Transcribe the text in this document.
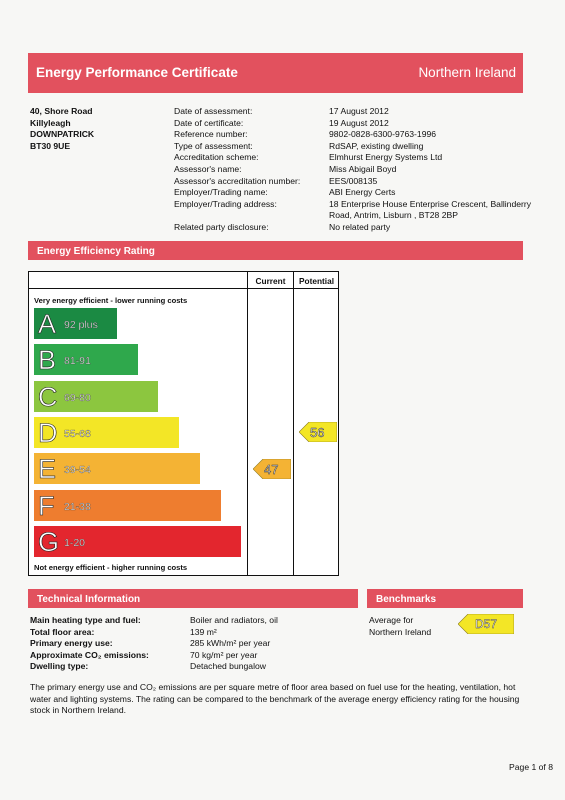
Energy Performance Certificate	Northern Ireland
40, Shore Road
Killyleagh
DOWNPATRICK
BT30 9UE
Date of assessment:	17 August 2012
Date of certificate:	19 August 2012
Reference number:	9802-0828-6300-9763-1996
Type of assessment:	RdSAP, existing dwelling
Accreditation scheme:	Elmhurst Energy Systems Ltd
Assessor's name:	Miss Abigail Boyd
Assessor's accreditation number:	EES/008135
Employer/Trading name:	ABI Energy Certs
Employer/Trading address:	18 Enterprise House Enterprise Crescent, Ballinderry Road, Antrim, Lisburn , BT28 2BP
Related party disclosure:	No related party
Energy Efficiency Rating
Current	Potential
Very energy efficient - lower running costs
Not energy efficient - higher running costs
A 92 plus
B 81-91
C 69-80
D 55-68
E 39-54
F 21-38
G 1-20
47
56
Technical Information	Benchmarks
Main heating type and fuel:	Boiler and radiators, oil
Total floor area:	139 m²
Primary energy use:	285 kWh/m² per year
Approximate CO₂ emissions:	70 kg/m² per year
Dwelling type:	Detached bungalow
Average for
Northern Ireland
D57
The primary energy use and CO₂ emissions are per square metre of floor area based on fuel use for the heating, ventilation, hot water and lighting systems. The rating can be compared to the benchmark of the average energy efficiency rating for the housing stock in Northern Ireland.
Page 1 of 8
